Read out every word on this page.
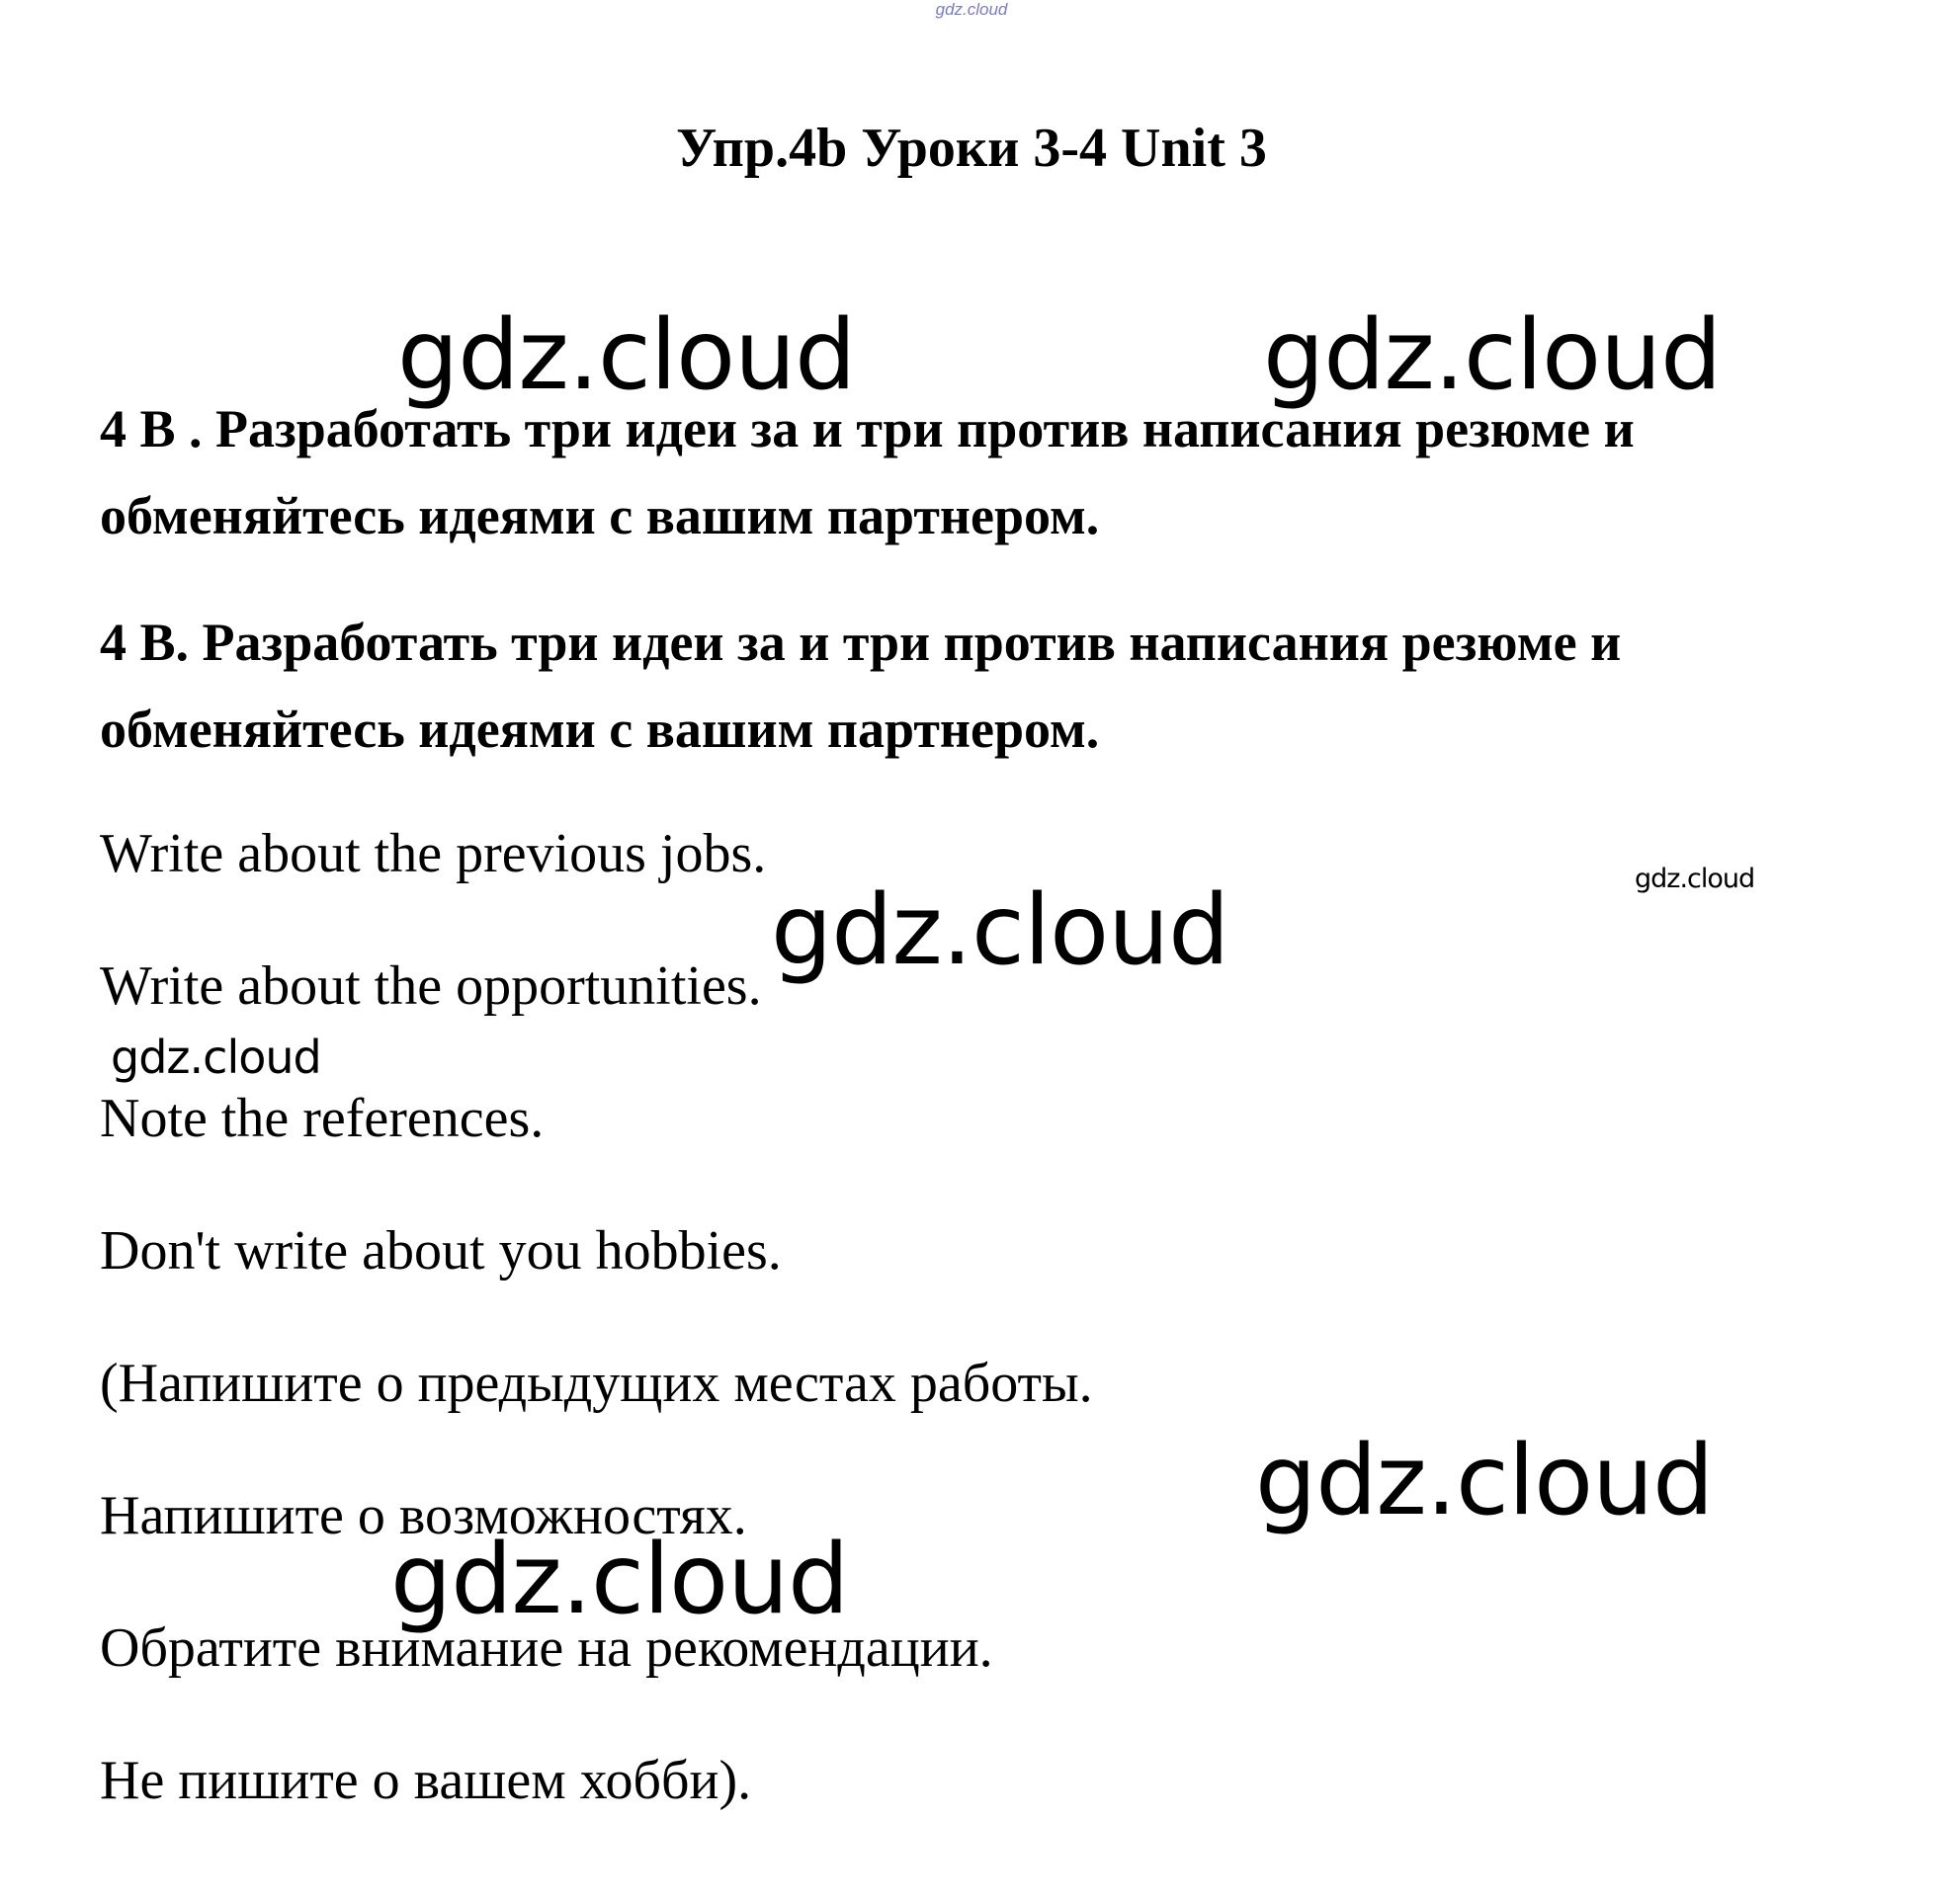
gdz.cloud
Упр.4b Уроки 3-4 Unit 3

4 В . Разработать три идеи за и три против написания резюме и обменяйтесь идеями с вашим партнером.

4 В. Разработать три идеи за и три против написания резюме и обменяйтесь идеями с вашим партнером.

Write about the previous jobs.

Write about the opportunities.

Note the references.

Don't write about you hobbies.

(Напишите о предыдущих местах работы.

Напишите о возможностях.

Обратите внимание на рекомендации.

Не пишите о вашем хобби).

gdz.cloud	gdz.cloud
gdz.cloud
gdz.cloud
gdz.cloud
gdz.cloud
gdz.cloud
